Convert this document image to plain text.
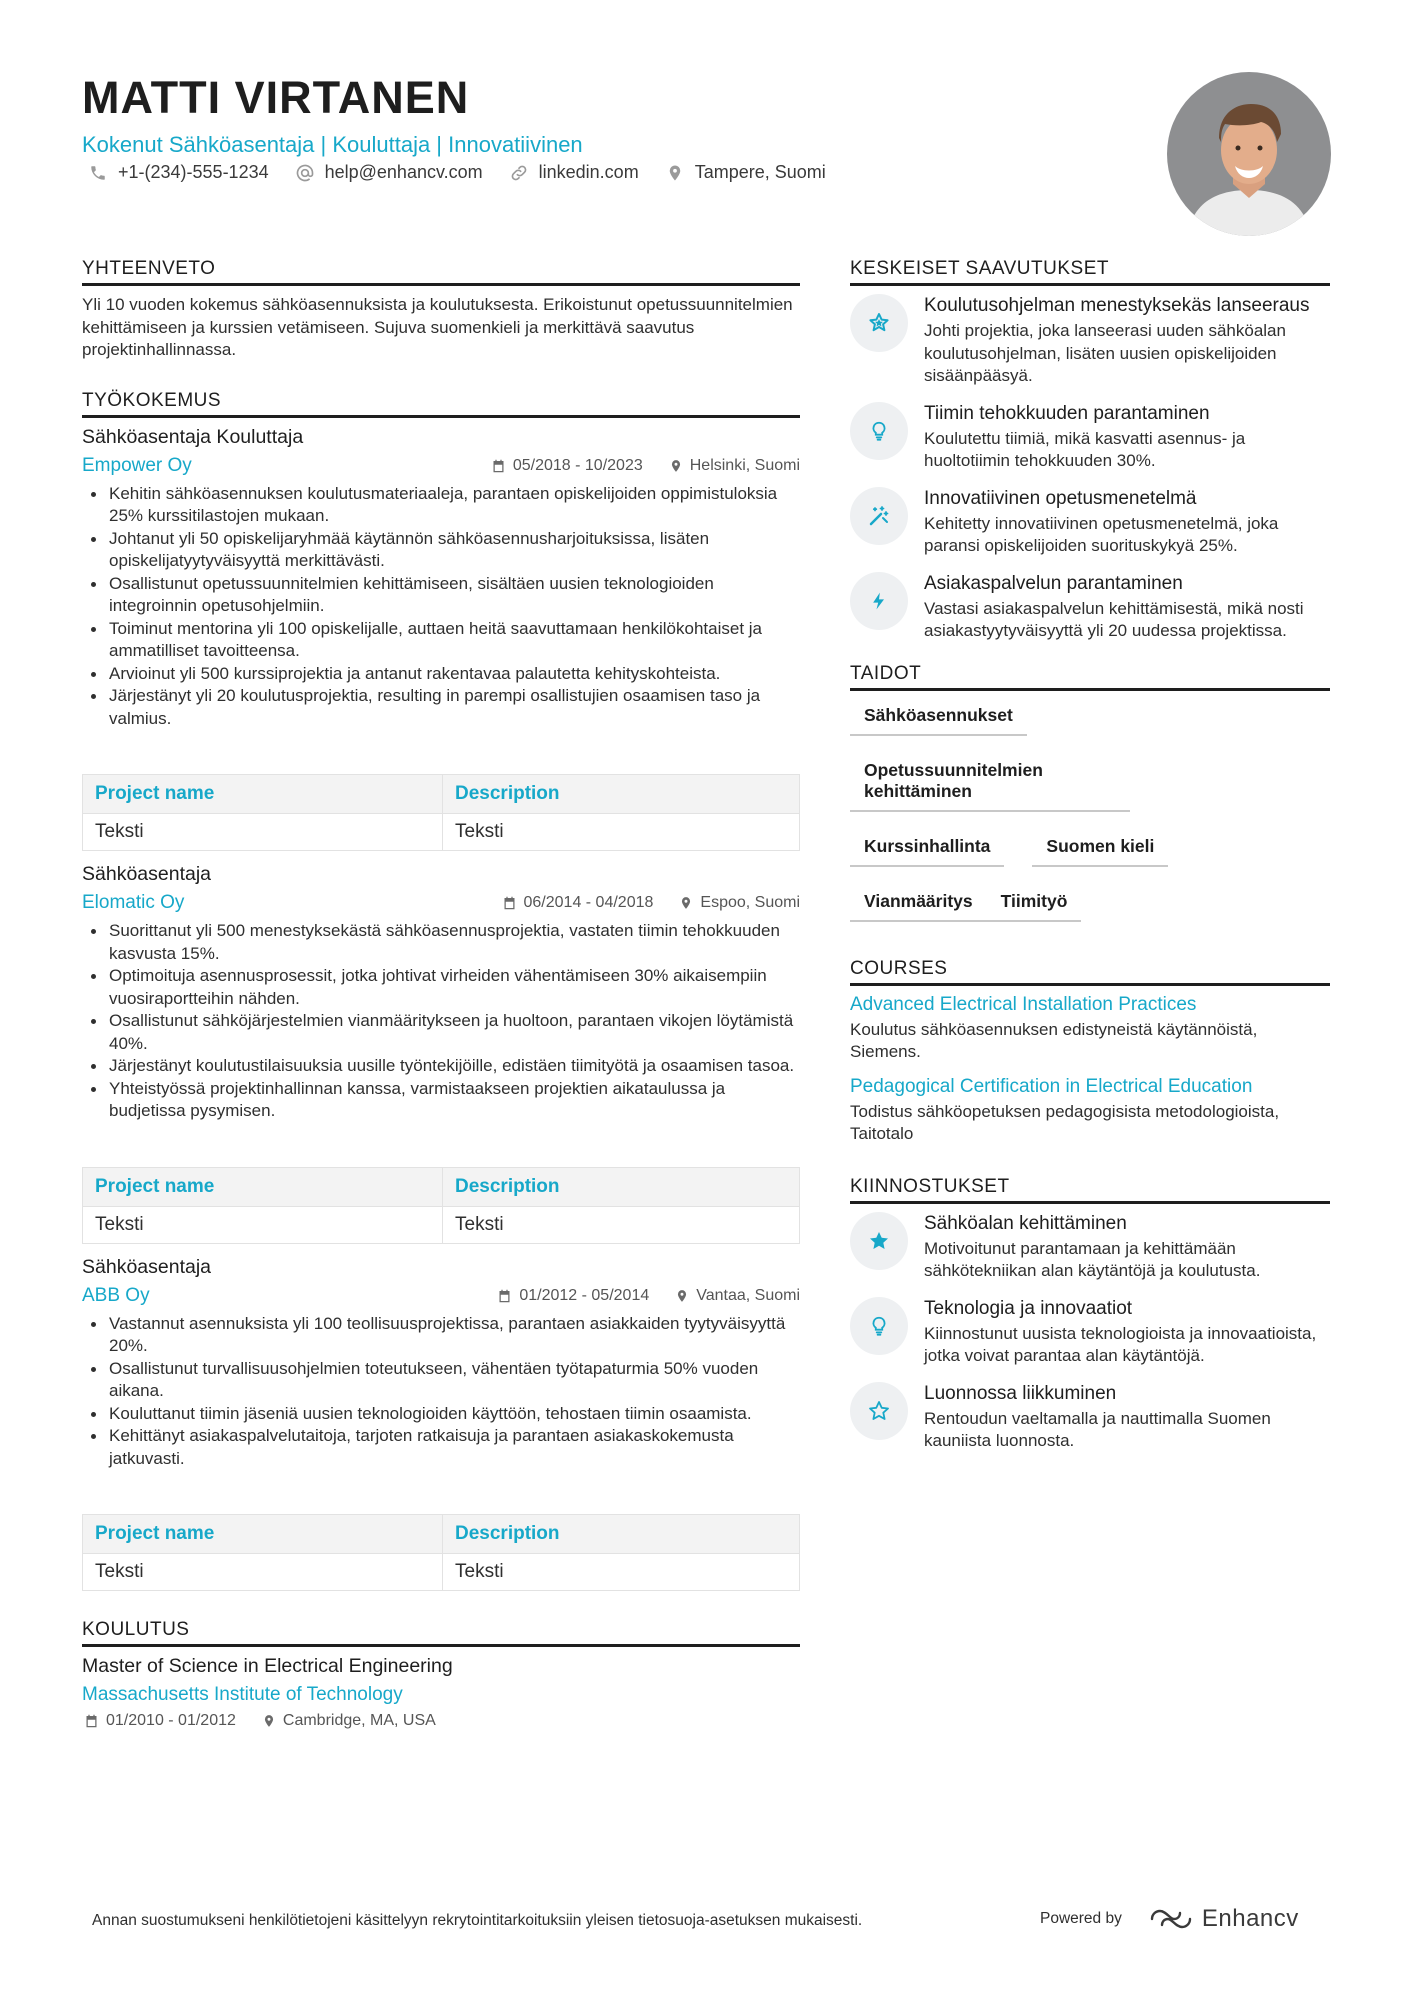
MATTI VIRTANEN
Kokenut Sähköasentaja | Kouluttaja | Innovatiivinen
+1-(234)-555-1234	help@enhancv.com	linkedin.com	Tampere, Suomi
YHTEENVETO
Yli 10 vuoden kokemus sähköasennuksista ja koulutuksesta. Erikoistunut opetussuunnitelmien kehittämiseen ja kurssien vetämiseen. Sujuva suomenkieli ja merkittävä saavutus projektinhallinnassa.
TYÖKOKEMUS
Sähköasentaja Kouluttaja
Empower Oy	05/2018 - 10/2023	Helsinki, Suomi
Kehitin sähköasennuksen koulutusmateriaaleja, parantaen opiskelijoiden oppimistuloksia 25% kurssitilastojen mukaan.
Johtanut yli 50 opiskelijaryhmää käytännön sähköasennusharjoituksissa, lisäten opiskelijatyytyväisyyttä merkittävästi.
Osallistunut opetussuunnitelmien kehittämiseen, sisältäen uusien teknologioiden integroinnin opetusohjelmiin.
Toiminut mentorina yli 100 opiskelijalle, auttaen heitä saavuttamaan henkilökohtaiset ja ammatilliset tavoitteensa.
Arvioinut yli 500 kurssiprojektia ja antanut rakentavaa palautetta kehityskohteista.
Järjestänyt yli 20 koulutusprojektia, resulting in parempi osallistujien osaamisen taso ja valmius.
Project name	Description
Teksti	Teksti
Sähköasentaja
Elomatic Oy	06/2014 - 04/2018	Espoo, Suomi
Suorittanut yli 500 menestyksekästä sähköasennusprojektia, vastaten tiimin tehokkuuden kasvusta 15%.
Optimoituja asennusprosessit, jotka johtivat virheiden vähentämiseen 30% aikaisempiin vuosiraportteihin nähden.
Osallistunut sähköjärjestelmien vianmääritykseen ja huoltoon, parantaen vikojen löytämistä 40%.
Järjestänyt koulutustilaisuuksia uusille työntekijöille, edistäen tiimityötä ja osaamisen tasoa.
Yhteistyössä projektinhallinnan kanssa, varmistaakseen projektien aikataulussa ja budjetissa pysymisen.
Project name	Description
Teksti	Teksti
Sähköasentaja
ABB Oy	01/2012 - 05/2014	Vantaa, Suomi
Vastannut asennuksista yli 100 teollisuusprojektissa, parantaen asiakkaiden tyytyväisyyttä 20%.
Osallistunut turvallisuusohjelmien toteutukseen, vähentäen työtapaturmia 50% vuoden aikana.
Kouluttanut tiimin jäseniä uusien teknologioiden käyttöön, tehostaen tiimin osaamista.
Kehittänyt asiakaspalvelutaitoja, tarjoten ratkaisuja ja parantaen asiakaskokemusta jatkuvasti.
Project name	Description
Teksti	Teksti
KOULUTUS
Master of Science in Electrical Engineering
Massachusetts Institute of Technology
01/2010 - 01/2012	Cambridge, MA, USA
KESKEISET SAAVUTUKSET
Koulutusohjelman menestyksekäs lanseeraus
Johti projektia, joka lanseerasi uuden sähköalan koulutusohjelman, lisäten uusien opiskelijoiden sisäänpääsyä.
Tiimin tehokkuuden parantaminen
Koulutettu tiimiä, mikä kasvatti asennus- ja huoltotiimin tehokkuuden 30%.
Innovatiivinen opetusmenetelmä
Kehitetty innovatiivinen opetusmenetelmä, joka paransi opiskelijoiden suorituskykyä 25%.
Asiakaspalvelun parantaminen
Vastasi asiakaspalvelun kehittämisestä, mikä nosti asiakastyytyväisyyttä yli 20 uudessa projektissa.
TAIDOT
Sähköasennukset
Opetussuunnitelmien kehittäminen
Kurssinhallinta	Suomen kieli
Vianmääritys	Tiimityö
COURSES
Advanced Electrical Installation Practices
Koulutus sähköasennuksen edistyneistä käytännöistä, Siemens.
Pedagogical Certification in Electrical Education
Todistus sähköopetuksen pedagogisista metodologioista, Taitotalo
KIINNOSTUKSET
Sähköalan kehittäminen
Motivoitunut parantamaan ja kehittämään sähkötekniikan alan käytäntöjä ja koulutusta.
Teknologia ja innovaatiot
Kiinnostunut uusista teknologioista ja innovaatioista, jotka voivat parantaa alan käytäntöjä.
Luonnossa liikkuminen
Rentoudun vaeltamalla ja nauttimalla Suomen kauniista luonnosta.
Annan suostumukseni henkilötietojeni käsittelyyn rekrytointitarkoituksiin yleisen tietosuoja-asetuksen mukaisesti.	Powered by	Enhancv
